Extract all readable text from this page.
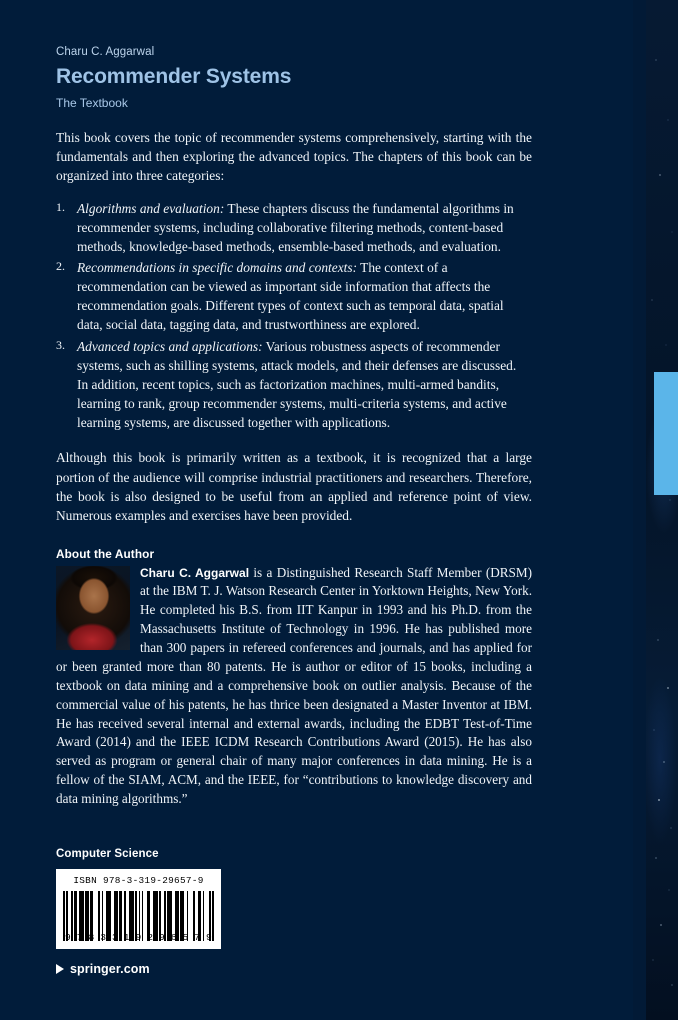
Charu C. Aggarwal
Recommender Systems
The Textbook

This book covers the topic of recommender systems comprehensively, starting with the fundamentals and then exploring the advanced topics. The chapters of this book can be organized into three categories:

1. Algorithms and evaluation: These chapters discuss the fundamental algorithms in recommender systems, including collaborative filtering methods, content-based methods, knowledge-based methods, ensemble-based methods, and evaluation.
2. Recommendations in specific domains and contexts: The context of a recommendation can be viewed as important side information that affects the recommendation goals. Different types of context such as temporal data, spatial data, social data, tagging data, and trustworthiness are explored.
3. Advanced topics and applications: Various robustness aspects of recommender systems, such as shilling systems, attack models, and their defenses are discussed. In addition, recent topics, such as factorization machines, multi-armed bandits, learning to rank, group recommender systems, multi-criteria systems, and active learning systems, are discussed together with applications.

Although this book is primarily written as a textbook, it is recognized that a large portion of the audience will comprise industrial practitioners and researchers. Therefore, the book is also designed to be useful from an applied and reference point of view. Numerous examples and exercises have been provided.

About the Author

Charu C. Aggarwal is a Distinguished Research Staff Member (DRSM) at the IBM T. J. Watson Research Center in Yorktown Heights, New York. He completed his B.S. from IIT Kanpur in 1993 and his Ph.D. from the Massachusetts Institute of Technology in 1996. He has published more than 300 papers in refereed conferences and journals, and has applied for or been granted more than 80 patents. He is author or editor of 15 books, including a textbook on data mining and a comprehensive book on outlier analysis. Because of the commercial value of his patents, he has thrice been designated a Master Inventor at IBM. He has received several internal and external awards, including the EDBT Test-of-Time Award (2014) and the IEEE ICDM Research Contributions Award (2015). He has also served as program or general chair of many major conferences in data mining. He is a fellow of the SIAM, ACM, and the IEEE, for “contributions to knowledge discovery and data mining algorithms.”

Computer Science
ISBN 978-3-319-29657-9
9 7 8 3 3 1 9 2 9 6 5 7 9
springer.com
